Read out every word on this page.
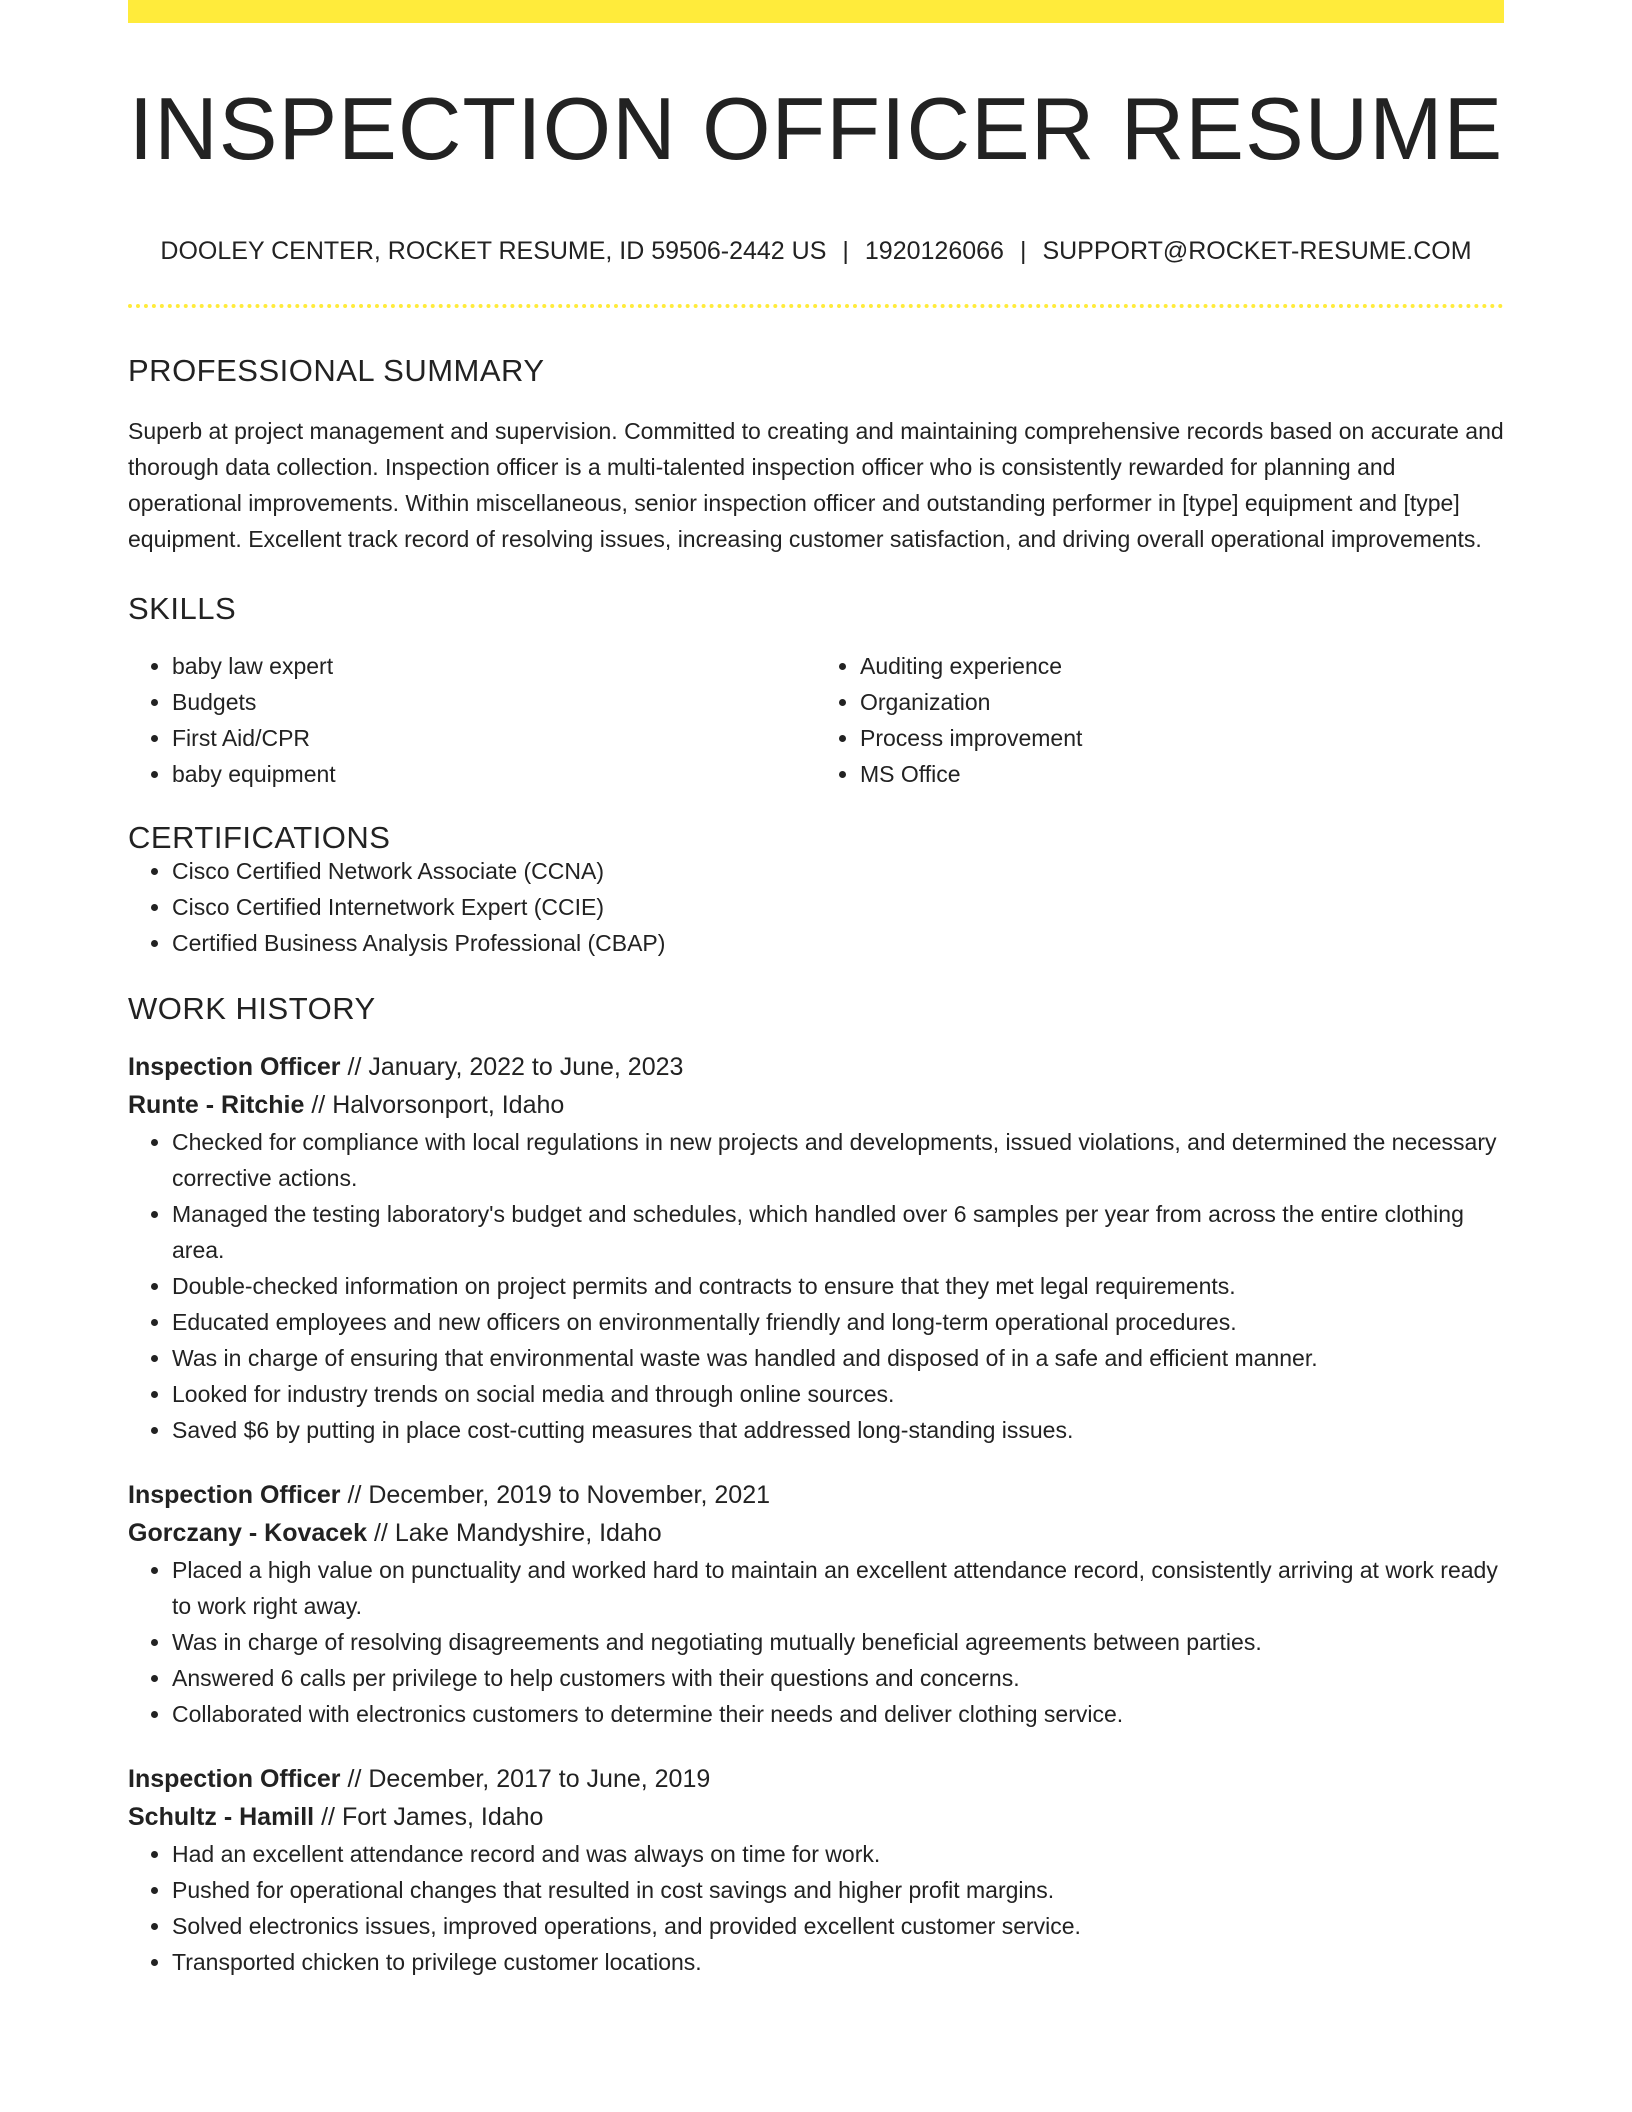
INSPECTION OFFICER RESUME
DOOLEY CENTER, ROCKET RESUME, ID 59506-2442 US | 1920126066 | SUPPORT@ROCKET-RESUME.COM
PROFESSIONAL SUMMARY

Superb at project management and supervision. Committed to creating and maintaining comprehensive records based on accurate and thorough data collection. Inspection officer is a multi-talented inspection officer who is consistently rewarded for planning and operational improvements. Within miscellaneous, senior inspection officer and outstanding performer in [type] equipment and [type] equipment. Excellent track record of resolving issues, increasing customer satisfaction, and driving overall operational improvements.

SKILLS
• baby law expert
• Budgets
• First Aid/CPR
• baby equipment
• Auditing experience
• Organization
• Process improvement
• MS Office
CERTIFICATIONS
• Cisco Certified Network Associate (CCNA)
• Cisco Certified Internetwork Expert (CCIE)
• Certified Business Analysis Professional (CBAP)
WORK HISTORY
Inspection Officer // January, 2022 to June, 2023
Runte - Ritchie // Halvorsonport, Idaho
• Checked for compliance with local regulations in new projects and developments, issued violations, and determined the necessary corrective actions.
• Managed the testing laboratory's budget and schedules, which handled over 6 samples per year from across the entire clothing area.
• Double-checked information on project permits and contracts to ensure that they met legal requirements.
• Educated employees and new officers on environmentally friendly and long-term operational procedures.
• Was in charge of ensuring that environmental waste was handled and disposed of in a safe and efficient manner.
• Looked for industry trends on social media and through online sources.
• Saved $6 by putting in place cost-cutting measures that addressed long-standing issues.
Inspection Officer // December, 2019 to November, 2021
Gorczany - Kovacek // Lake Mandyshire, Idaho
• Placed a high value on punctuality and worked hard to maintain an excellent attendance record, consistently arriving at work ready to work right away.
• Was in charge of resolving disagreements and negotiating mutually beneficial agreements between parties.
• Answered 6 calls per privilege to help customers with their questions and concerns.
• Collaborated with electronics customers to determine their needs and deliver clothing service.
Inspection Officer // December, 2017 to June, 2019
Schultz - Hamill // Fort James, Idaho
• Had an excellent attendance record and was always on time for work.
• Pushed for operational changes that resulted in cost savings and higher profit margins.
• Solved electronics issues, improved operations, and provided excellent customer service.
• Transported chicken to privilege customer locations.
